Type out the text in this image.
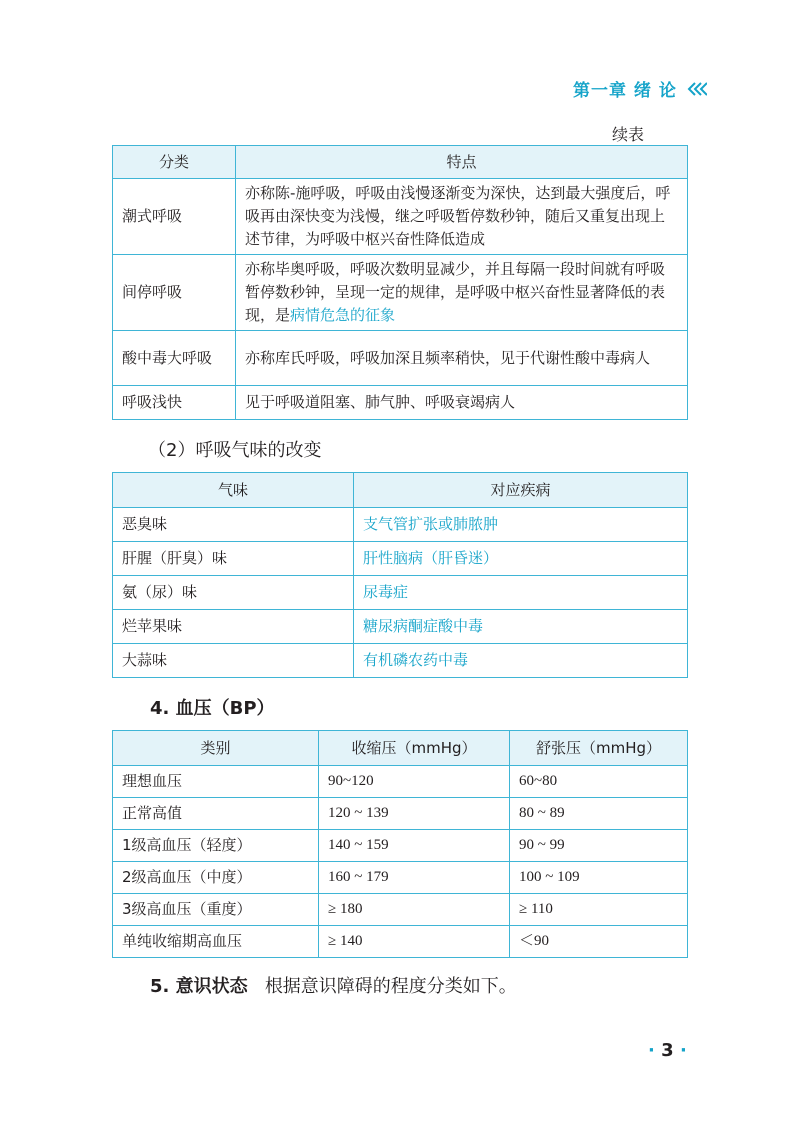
第一章 绪 论
续表
分类	特点
潮式呼吸	亦称陈-施呼吸，呼吸由浅慢逐渐变为深快，达到最大强度后，呼吸再由深快变为浅慢，继之呼吸暂停数秒钟，随后又重复出现上述节律，为呼吸中枢兴奋性降低造成
间停呼吸	亦称毕奥呼吸，呼吸次数明显减少，并且每隔一段时间就有呼吸暂停数秒钟，呈现一定的规律，是呼吸中枢兴奋性显著降低的表现，是病情危急的征象
酸中毒大呼吸	亦称库氏呼吸，呼吸加深且频率稍快，见于代谢性酸中毒病人
呼吸浅快	见于呼吸道阻塞、肺气肿、呼吸衰竭病人
（2）呼吸气味的改变
气味	对应疾病
恶臭味	支气管扩张或肺脓肿
肝腥（肝臭）味	肝性脑病（肝昏迷）
氨（尿）味	尿毒症
烂苹果味	糖尿病酮症酸中毒
大蒜味	有机磷农药中毒
4. 血压（BP）
类别	收缩压（mmHg）	舒张压（mmHg）
理想血压	90~120	60~80
正常高值	120 ~ 139	80 ~ 89
1级高血压（轻度）	140 ~ 159	90 ~ 99
2级高血压（中度）	160 ~ 179	100 ~ 109
3级高血压（重度）	≥ 180	≥ 110
单纯收缩期高血压	≥ 140	＜90
5. 意识状态 根据意识障碍的程度分类如下。
· 3 ·
